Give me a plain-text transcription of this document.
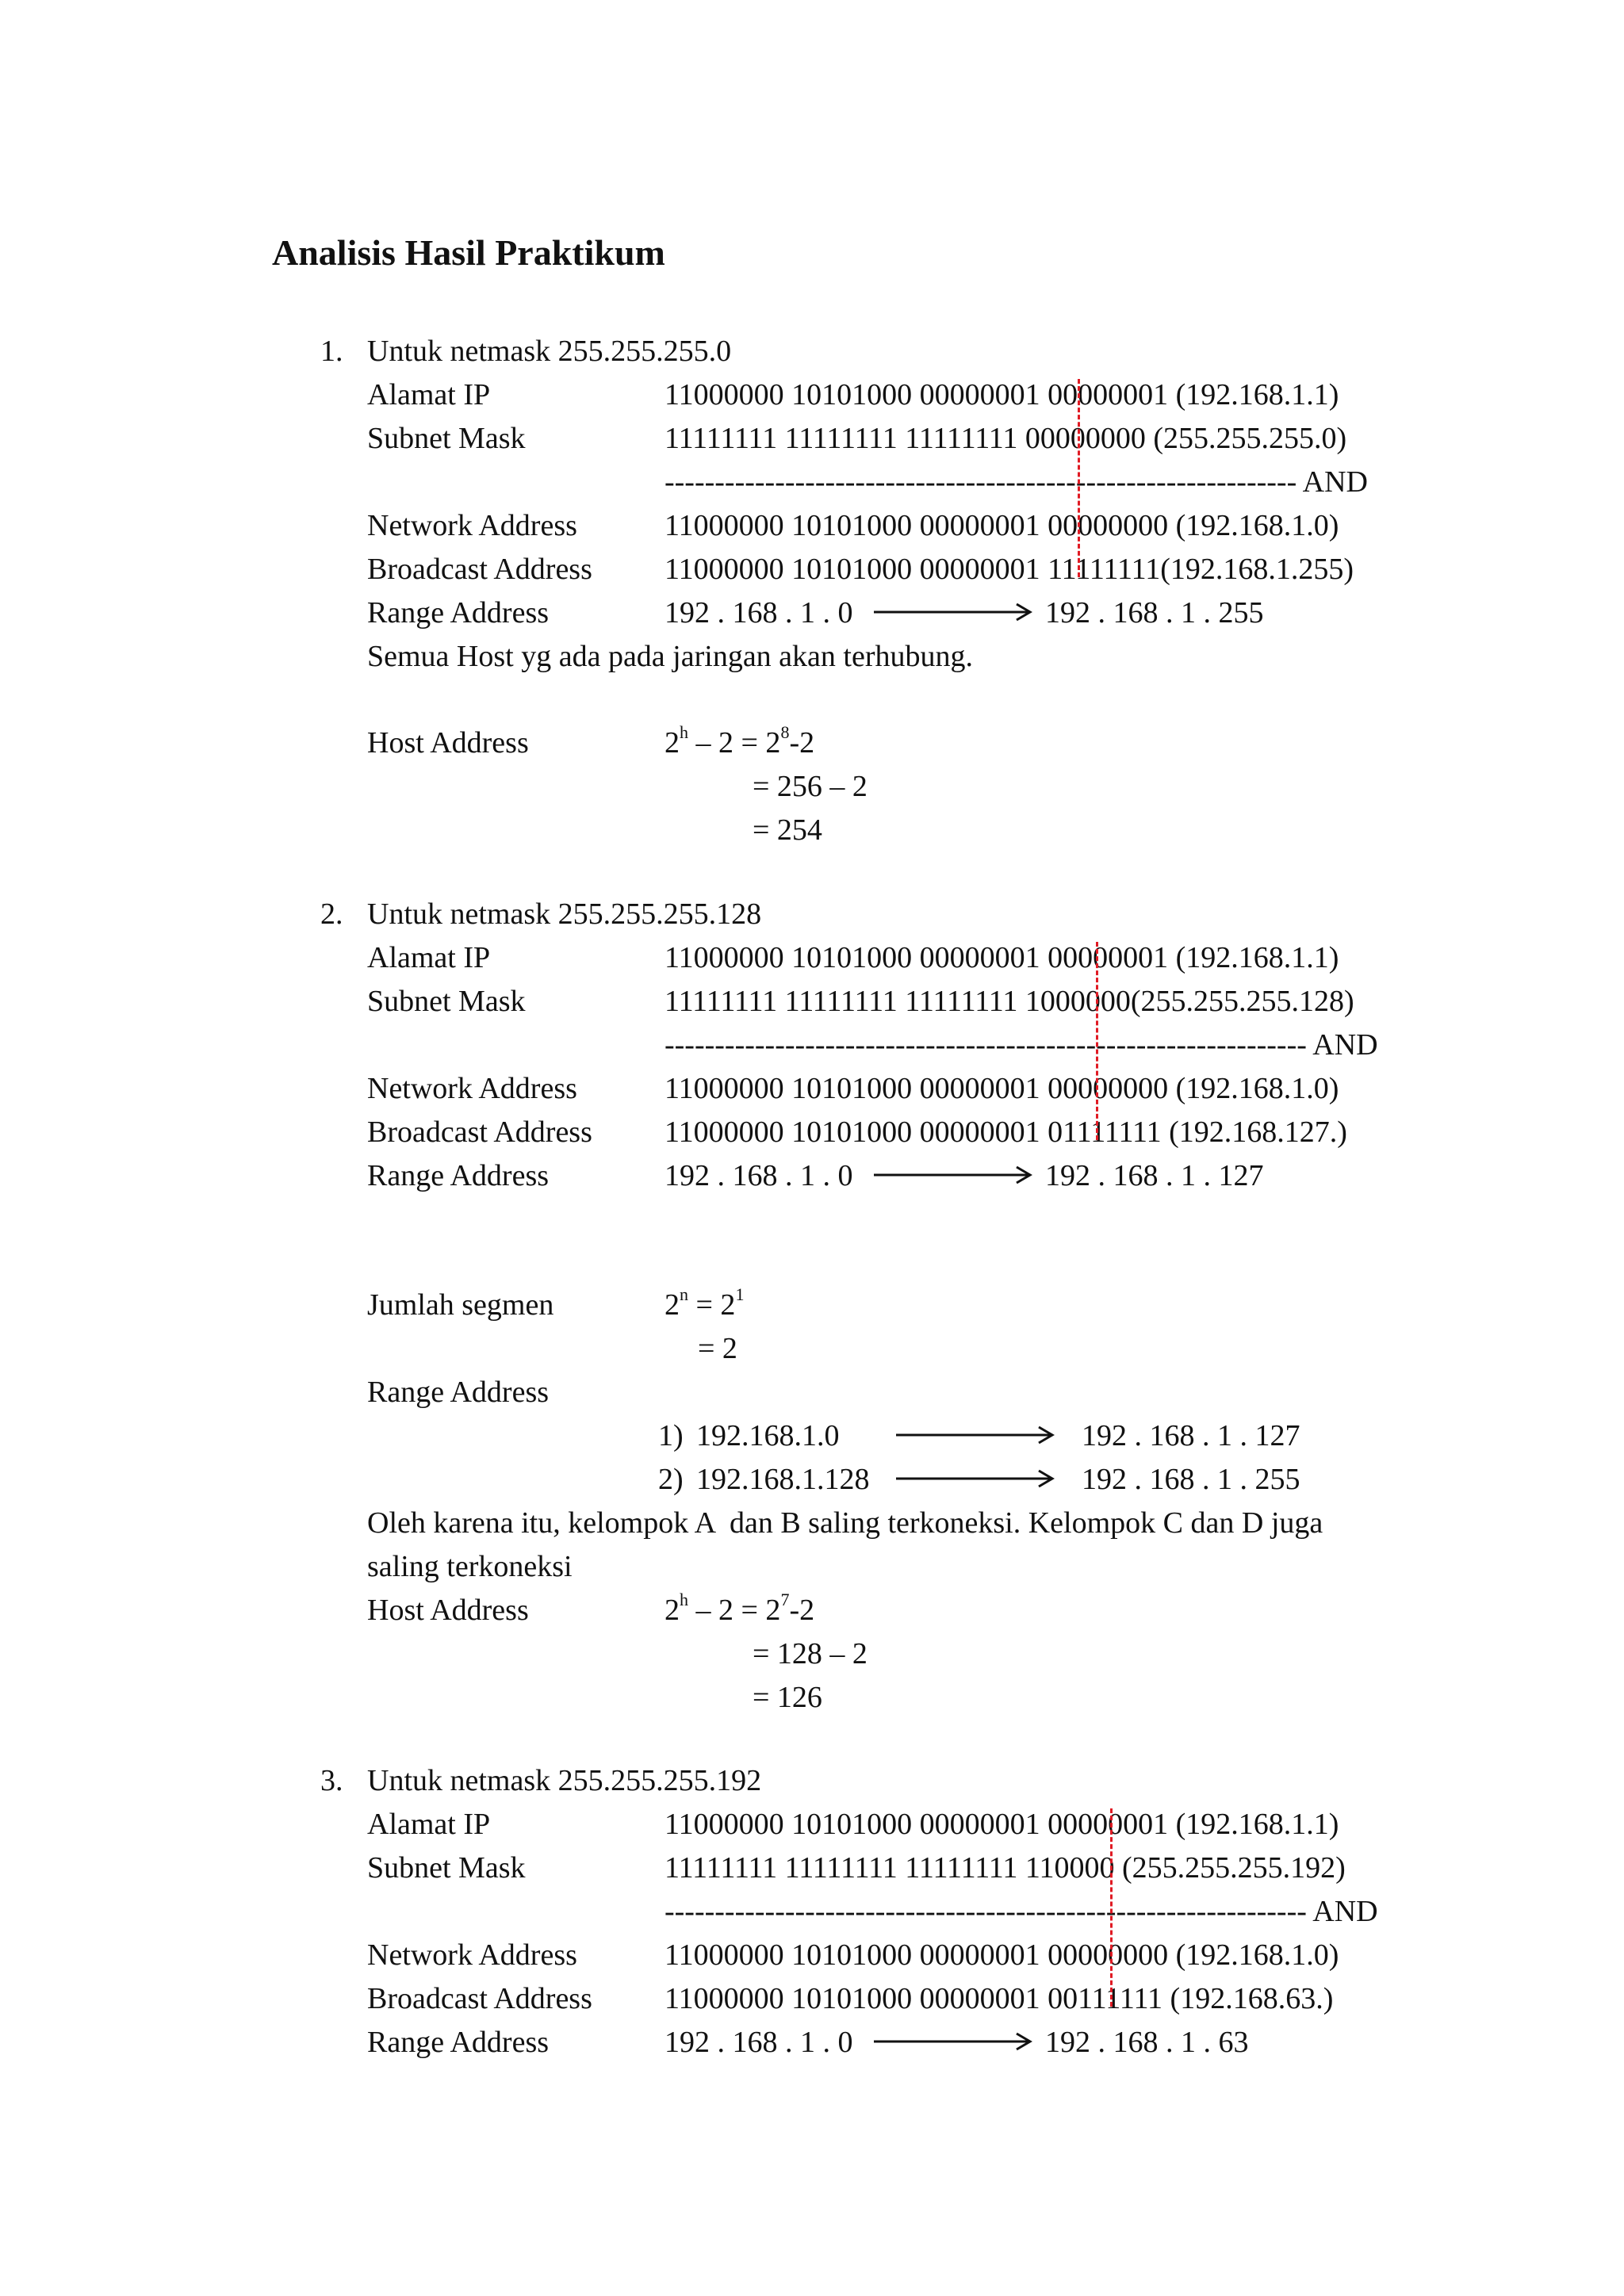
Analisis Hasil Praktikum
1. Untuk netmask 255.255.255.0
Alamat IP	11000000 10101000 00000001 00000001 (192.168.1.1)
Subnet Mask	11111111 11111111 11111111 00000000 (255.255.255.0)
--------------------------------------------------------------- AND
Network Address	11000000 10101000 00000001 00000000 (192.168.1.0)
Broadcast Address 11000000 10101000 00000001 11111111(192.168.1.255)
Range Address	192 . 168 . 1 . 0	192 . 168 . 1 . 255
Semua Host yg ada pada jaringan akan terhubung.
Host Address	$2^h - 2 = 2^8-2$
= 256 – 2
= 254
2. Untuk netmask 255.255.255.128
Alamat IP	11000000 10101000 00000001 00000001 (192.168.1.1)
Subnet Mask	11111111 11111111 11111111 1000000(255.255.255.128)
---------------------------------------------------------------- AND
Network Address	11000000 10101000 00000001 00000000 (192.168.1.0)
Broadcast Address 11000000 10101000 00000001 01111111 (192.168.127.)
Range Address	192 . 168 . 1 . 0	192 . 168 . 1 . 127
Jumlah segmen	$2^n = 2^1$
= 2
Range Address
1) 192.168.1.0	192 . 168 . 1 . 127
2) 192.168.1.128	192 . 168 . 1 . 255
Oleh karena itu, kelompok A  dan B saling terkoneksi. Kelompok C dan D juga
saling terkoneksi
Host Address	$2^h - 2 = 2^7-2$
= 128 – 2
= 126
3. Untuk netmask 255.255.255.192
Alamat IP	11000000 10101000 00000001 00000001 (192.168.1.1)
Subnet Mask	11111111 11111111 11111111 110000 (255.255.255.192)
---------------------------------------------------------------- AND
Network Address	11000000 10101000 00000001 00000000 (192.168.1.0)
Broadcast Address 11000000 10101000 00000001 00111111 (192.168.63.)
Range Address	192 . 168 . 1 . 0	192 . 168 . 1 . 63
